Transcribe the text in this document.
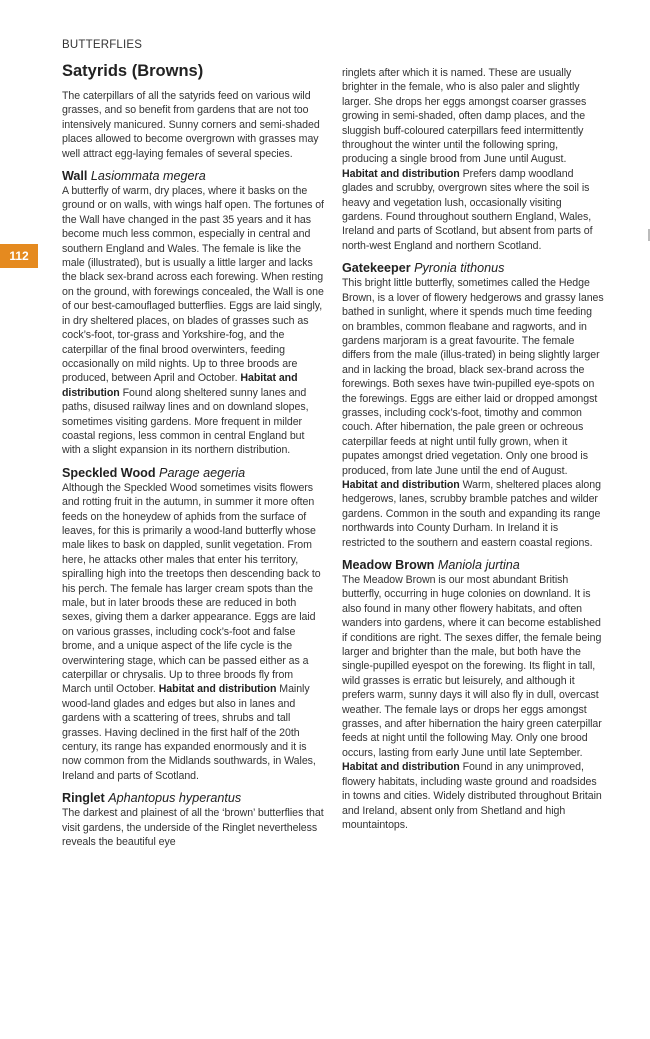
BUTTERFLIES
112
Satyrids (Browns)

The caterpillars of all the satyrids feed on various wild grasses, and so benefit from gardens that are not too intensively manicured. Sunny corners and semi-shaded places allowed to become overgrown with grasses may well attract egg-laying females of several species.

Wall Lasiommata megera

A butterfly of warm, dry places, where it basks on the ground or on walls, with wings half open. The fortunes of the Wall have changed in the past 35 years and it has become much less common, especially in central and southern England and Wales. The female is like the male (illustrated), but is usually a little larger and lacks the black sex-brand across each forewing. When resting on the ground, with forewings concealed, the Wall is one of our best-camouflaged butterflies. Eggs are laid singly, in dry sheltered places, on blades of grasses such as cock’s-foot, tor-grass and Yorkshire-fog, and the caterpillar of the final brood overwinters, feeding occasionally on mild nights. Up to three broods are produced, between April and October. Habitat and distribution Found along sheltered sunny lanes and paths, disused railway lines and on downland slopes, sometimes visiting gardens. More frequent in milder coastal regions, less common in central England but with a slight expansion in its northern distribution.

Speckled Wood Parage aegeria

Although the Speckled Wood sometimes visits flowers and rotting fruit in the autumn, in summer it more often feeds on the honeydew of aphids from the surface of leaves, for this is primarily a wood-land butterfly whose male likes to bask on dappled, sunlit vegetation. From here, he attacks other males that enter his territory, spiralling high into the treetops then descending back to his perch. The female has larger cream spots than the male, but in later broods these are reduced in both sexes, giving them a darker appearance. Eggs are laid on various grasses, including cock’s-foot and false brome, and a unique aspect of the life cycle is the overwintering stage, which can be passed either as a caterpillar or chrysalis. Up to three broods fly from March until October. Habitat and distribution Mainly wood-land glades and edges but also in lanes and gardens with a scattering of trees, shrubs and tall grasses. Having declined in the first half of the 20th century, its range has expanded enormously and it is now common from the Midlands southwards, in Wales, Ireland and parts of Scotland.

Ringlet Aphantopus hyperantus

The darkest and plainest of all the ‘brown’ butterflies that visit gardens, the underside of the Ringlet nevertheless reveals the beautiful eye

ringlets after which it is named. These are usually brighter in the female, who is also paler and slightly larger. She drops her eggs amongst coarser grasses growing in semi-shaded, often damp places, and the sluggish buff-coloured caterpillars feed intermittently throughout the winter until the following spring, producing a single brood from June until August. Habitat and distribution Prefers damp woodland glades and scrubby, overgrown sites where the soil is heavy and vegetation lush, occasionally visiting gardens. Found throughout southern England, Wales, Ireland and parts of Scotland, but absent from parts of north-west England and northern Scotland.

Gatekeeper Pyronia tithonus

This bright little butterfly, sometimes called the Hedge Brown, is a lover of flowery hedgerows and grassy lanes bathed in sunlight, where it spends much time feeding on brambles, common fleabane and ragworts, and in gardens marjoram is a great favourite. The female differs from the male (illus-trated) in being slightly larger and in lacking the broad, black sex-brand across the forewings. Both sexes have twin-pupilled eye-spots on the forewings. Eggs are either laid or dropped amongst grasses, including cock’s-foot, timothy and common couch. After hibernation, the pale green or ochreous caterpillar feeds at night until fully grown, when it pupates amongst dried vegetation. Only one brood is produced, from late June until the end of August. Habitat and distribution Warm, sheltered places along hedgerows, lanes, scrubby bramble patches and wilder gardens. Common in the south and expanding its range northwards into County Durham. In Ireland it is restricted to the southern and eastern coastal regions.

Meadow Brown Maniola jurtina

The Meadow Brown is our most abundant British butterfly, occurring in huge colonies on downland. It is also found in many other flowery habitats, and often wanders into gardens, where it can become established if conditions are right. The sexes differ, the female being larger and brighter than the male, but both have the single-pupilled eyespot on the forewing. Its flight in tall, wild grasses is erratic but leisurely, and although it prefers warm, sunny days it will also fly in dull, overcast weather. The female lays or drops her eggs amongst grasses, and after hibernation the hairy green caterpillar feeds at night until the following May. Only one brood occurs, lasting from early June until late September. Habitat and distribution Found in any unimproved, flowery habitats, including waste ground and roadsides in towns and cities. Widely distributed throughout Britain and Ireland, absent only from Shetland and high mountaintops.
